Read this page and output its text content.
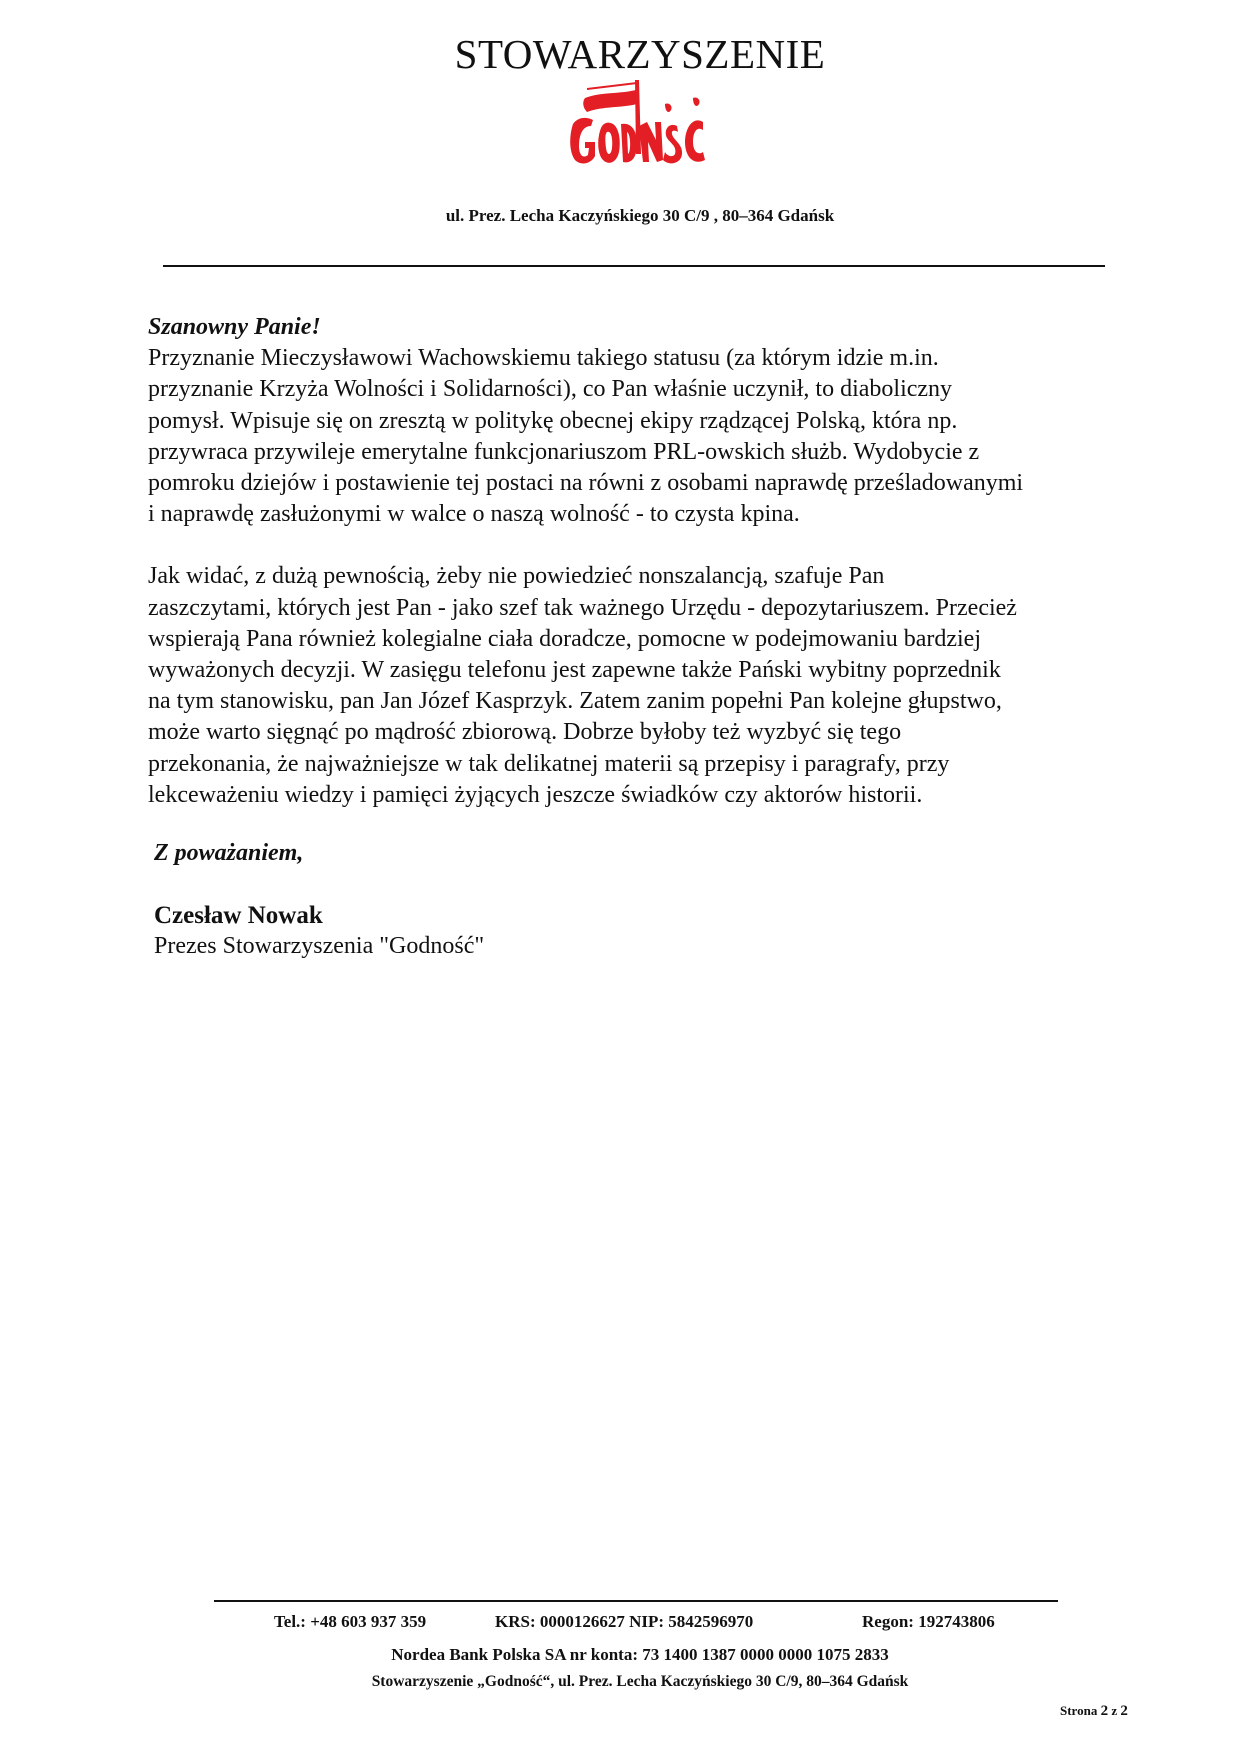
STOWARZYSZENIE
ul. Prez. Lecha Kaczyńskiego 30 C/9 , 80–364 Gdańsk
Szanowny Panie!

Przyznanie Mieczysławowi Wachowskiemu takiego statusu (za którym idzie m.in.
przyznanie Krzyża Wolności i Solidarności), co Pan właśnie uczynił, to diaboliczny
pomysł. Wpisuje się on zresztą w politykę obecnej ekipy rządzącej Polską, która np.
przywraca przywileje emerytalne funkcjonariuszom PRL-owskich służb. Wydobycie z
pomroku dziejów i postawienie tej postaci na równi z osobami naprawdę prześladowanymi
i naprawdę zasłużonymi w walce o naszą wolność - to czysta kpina.

Jak widać, z dużą pewnością, żeby nie powiedzieć nonszalancją, szafuje Pan
zaszczytami, których jest Pan - jako szef tak ważnego Urzędu - depozytariuszem. Przecież
wspierają Pana również kolegialne ciała doradcze, pomocne w podejmowaniu bardziej
wyważonych decyzji. W zasięgu telefonu jest zapewne także Pański wybitny poprzednik
na tym stanowisku, pan Jan Józef Kasprzyk. Zatem zanim popełni Pan kolejne głupstwo,
może warto sięgnąć po mądrość zbiorową. Dobrze byłoby też wyzbyć się tego
przekonania, że najważniejsze w tak delikatnej materii są przepisy i paragrafy, przy
lekceważeniu wiedzy i pamięci żyjących jeszcze świadków czy aktorów historii.

Z poważaniem,
Czesław Nowak
Prezes Stowarzyszenia "Godność"
Tel.: +48 603 937 359	KRS: 0000126627 NIP: 5842596970	Regon: 192743806
Nordea Bank Polska SA nr konta: 73 1400 1387 0000 0000 1075 2833
Stowarzyszenie „Godność“, ul. Prez. Lecha Kaczyńskiego 30 C/9, 80–364 Gdańsk
Strona 2 z 2
